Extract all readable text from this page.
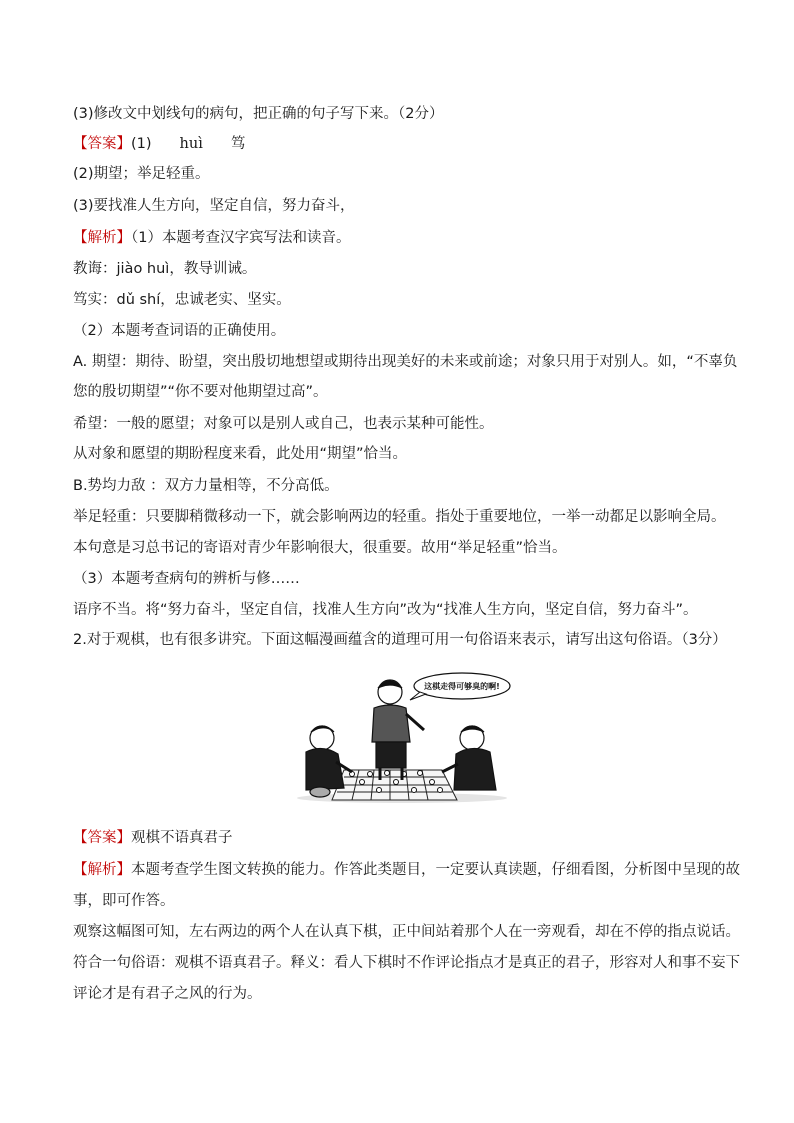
(3)修改文中划线句的病句，把正确的句子写下来。（2分）
【答案】(1) huì 笃
(2)期望；举足轻重。
(3)要找准人生方向，坚定自信，努力奋斗，
【解析】（1）本题考查汉字宾写法和读音。
教诲：jiào huì，教导训诫。
笃实：dǔ shí，忠诚老实、坚实。
（2）本题考查词语的正确使用。
A. 期望：期待、盼望，突出殷切地想望或期待出现美好的未来或前途；对象只用于对别人。如，“不辜负
您的殷切期望”“你不要对他期望过高”。
希望：一般的愿望；对象可以是别人或自己，也表示某种可能性。
从对象和愿望的期盼程度来看，此处用“期望”恰当。
B.势均力敌 ：双方力量相等，不分高低。
举足轻重：只要脚稍微移动一下，就会影响两边的轻重。指处于重要地位，一举一动都足以影响全局。
本句意是习总书记的寄语对青少年影响很大，很重要。故用“举足轻重”恰当。
（3）本题考查病句的辨析与修……
语序不当。将“努力奋斗，坚定自信，找准人生方向”改为“找准人生方向，坚定自信，努力奋斗”。
2.对于观棋，也有很多讲究。下面这幅漫画蕴含的道理可用一句俗语来表示，请写出这句俗语。（3分）
这棋走得可够臭的啊!
【答案】观棋不语真君子
【解析】本题考查学生图文转换的能力。作答此类题目，一定要认真读题，仔细看图，分析图中呈现的故
事，即可作答。
观察这幅图可知，左右两边的两个人在认真下棋，正中间站着那个人在一旁观看，却在不停的指点说话。
符合一句俗语：观棋不语真君子。释义：看人下棋时不作评论指点才是真正的君子，形容对人和事不妄下
评论才是有君子之风的行为。
